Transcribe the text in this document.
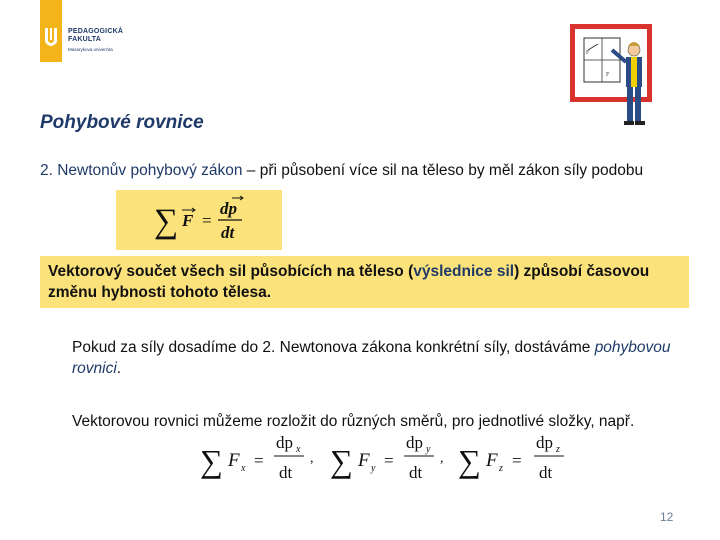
PEDAGOGICKÁ
FAKULTA
Masarykova univerzita
F
F
Pohybové rovnice
2. Newtonův pohybový zákon – při působení více sil na těleso by měl zákon síly podobu
∑ F =
dp
dt
Vektorový součet všech sil působících na těleso (výslednice sil) způsobí časovou změnu hybnosti tohoto tělesa.
Pokud za síly dosadíme do 2. Newtonova zákona konkrétní síly, dostáváme pohybovou rovnici.
Vektorovou rovnici můžeme rozložit do různých směrů, pro jednotlivé složky, např.
∑ F x =
dp x
dt
, ∑ F y =
dp y
dt
, ∑ F z =
dp z
dt
12
